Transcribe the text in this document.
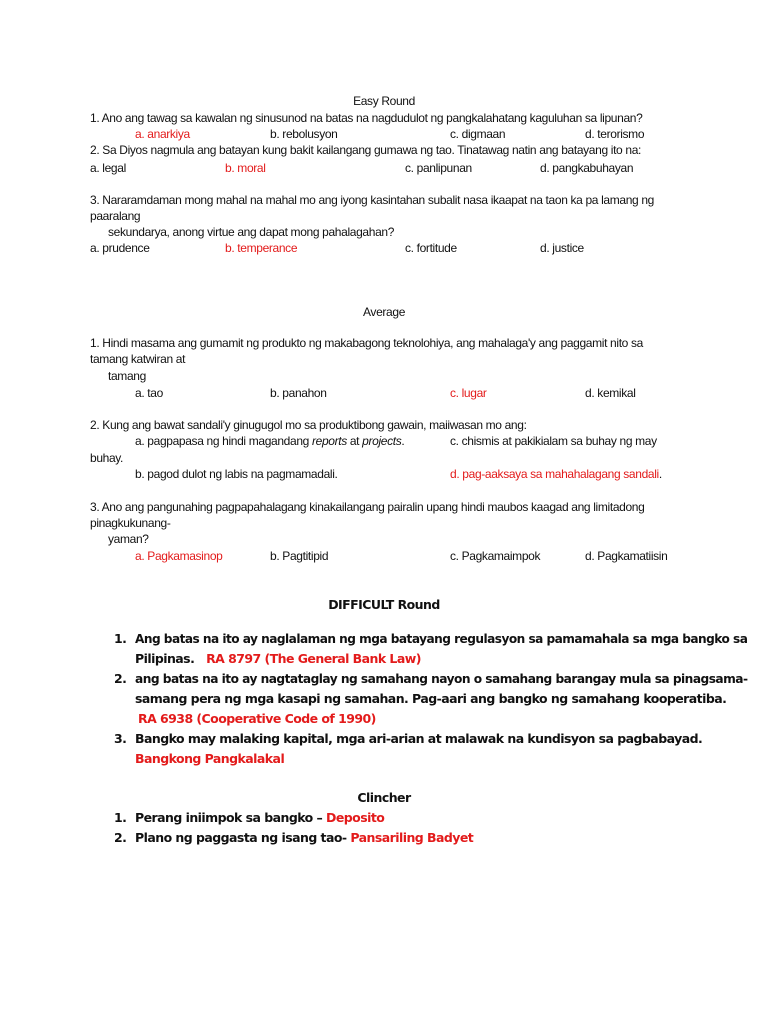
Easy Round
1. Ano ang tawag sa kawalan ng sinusunod na batas na nagdudulot ng pangkalahatang kaguluhan sa lipunan?
a. anarkiya	b. rebolusyon	c. digmaan	d. terorismo
2. Sa Diyos nagmula ang batayan kung bakit kailangang gumawa ng tao. Tinatawag natin ang batayang ito na:
a. legal	b. moral	c. panlipunan	d. pangkabuhayan
3. Nararamdaman mong mahal na mahal mo ang iyong kasintahan subalit nasa ikaapat na taon ka pa lamang ng
paaralang
sekundarya, anong virtue ang dapat mong pahalagahan?
a. prudence	b. temperance	c. fortitude	d. justice
Average
1. Hindi masama ang gumamit ng produkto ng makabagong teknolohiya, ang mahalaga'y ang paggamit nito sa
tamang katwiran at
tamang
a. tao	b. panahon	c. lugar	d. kemikal
2. Kung ang bawat sandali'y ginugugol mo sa produktibong gawain, maiiwasan mo ang:
a. pagpapasa ng hindi magandang reports at projects.	c. chismis at pakikialam sa buhay ng may
buhay.
b. pagod dulot ng labis na pagmamadali.	d. pag-aaksaya sa mahahalagang sandali.
3. Ano ang pangunahing pagpapahalagang kinakailangang pairalin upang hindi maubos kaagad ang limitadong
pinagkukunang-
yaman?
a. Pagkamasinop	b. Pagtitipid	c. Pagkamaimpok	d. Pagkamatiisin
DIFFICULT Round
1. Ang batas na ito ay naglalaman ng mga batayang regulasyon sa pamamahala sa mga bangko sa
Pilipinas. RA 8797 (The General Bank Law)
2. ang batas na ito ay nagtataglay ng samahang nayon o samahang barangay mula sa pinagsama-
samang pera ng mga kasapi ng samahan. Pag-aari ang bangko ng samahang kooperatiba.
RA 6938 (Cooperative Code of 1990)
3. Bangko may malaking kapital, mga ari-arian at malawak na kundisyon sa pagbabayad.
Bangkong Pangkalakal
Clincher
1. Perang iniimpok sa bangko – Deposito
2. Plano ng paggasta ng isang tao- Pansariling Badyet
